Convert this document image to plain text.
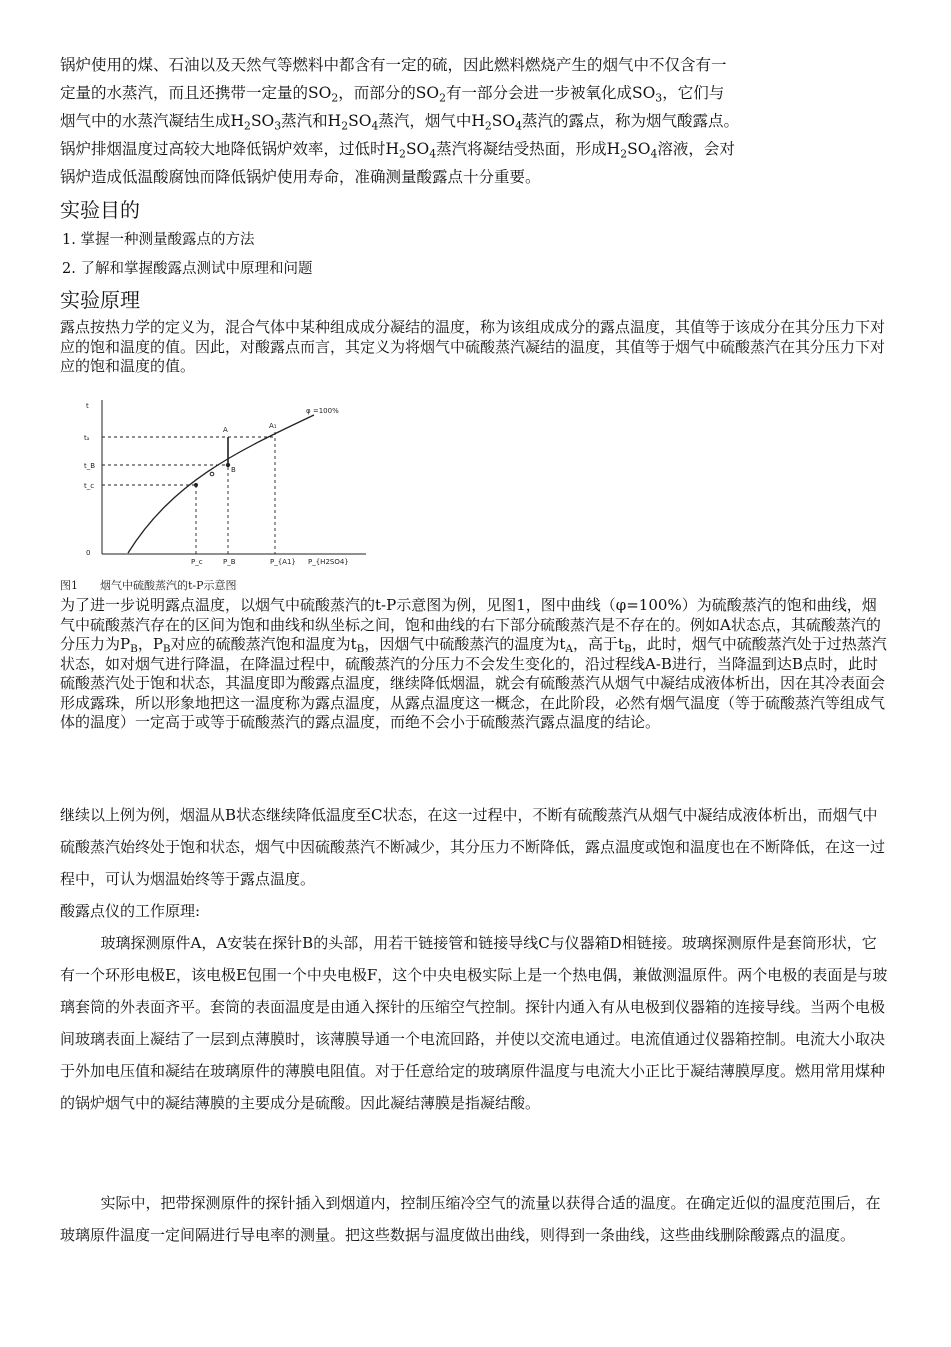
锅炉使用的煤、石油以及天然气等燃料中都含有一定的硫，因此燃料燃烧产生的烟气中不仅含有一
定量的水蒸汽，而且还携带一定量的$SO_2$，而部分的$SO_2$有一部分会进一步被氧化成$SO_3$，它们与
烟气中的水蒸汽凝结生成$H_2SO_3$蒸汽和$H_2SO_4$蒸汽，烟气中$H_2SO_4$蒸汽的露点，称为烟气酸露点。
锅炉排烟温度过高较大地降低锅炉效率，过低时$H_2SO_4$蒸汽将凝结受热面，形成$H_2SO_4$溶液，会对
锅炉造成低温酸腐蚀而降低锅炉使用寿命，准确测量酸露点十分重要。
实验目的
1. 掌握一种测量酸露点的方法
2. 了解和掌握酸露点测试中原理和问题
实验原理
露点按热力学的定义为，混合气体中某种组成成分凝结的温度，称为该组成成分的露点温度，其值等于该成分在其分压力下对应的饱和温度的值。因此，对酸露点而言，其定义为将烟气中硫酸蒸汽凝结的温度，其值等于烟气中硫酸蒸汽在其分压力下对应的饱和温度的值。
t
tₐ
t_B
t_c
0
A	A₁
B
φ =100%
P_c	P_B	P_{A1} P_{H2SO4}
图1 烟气中硫酸蒸汽的t-P示意图
为了进一步说明露点温度，以烟气中硫酸蒸汽的t-P示意图为例，见图1，图中曲线（φ=100%）为硫酸蒸汽的饱和曲线，烟气中硫酸蒸汽存在的区间为饱和曲线和纵坐标之间，饱和曲线的右下部分硫酸蒸汽是不存在的。例如A状态点，其硫酸蒸汽的分压力为$P_B$，$P_B$对应的硫酸蒸汽饱和温度为$t_B$，因烟气中硫酸蒸汽的温度为$t_A$，高于$t_B$，此时，烟气中硫酸蒸汽处于过热蒸汽状态，如对烟气进行降温，在降温过程中，硫酸蒸汽的分压力不会发生变化的，沿过程线A-B进行，当降温到达B点时，此时硫酸蒸汽处于饱和状态，其温度即为酸露点温度，继续降低烟温，就会有硫酸蒸汽从烟气中凝结成液体析出，因在其冷表面会形成露珠，所以形象地把这一温度称为露点温度，从露点温度这一概念，在此阶段，必然有烟气温度（等于硫酸蒸汽等组成气体的温度）一定高于或等于硫酸蒸汽的露点温度，而绝不会小于硫酸蒸汽露点温度的结论。
继续以上例为例，烟温从B状态继续降低温度至C状态，在这一过程中，不断有硫酸蒸汽从烟气中凝结成液体析出，而烟气中硫酸蒸汽始终处于饱和状态，烟气中因硫酸蒸汽不断减少，其分压力不断降低，露点温度或饱和温度也在不断降低，在这一过程中，可认为烟温始终等于露点温度。
酸露点仪的工作原理:
玻璃探测原件A，A安装在探针B的头部，用若干链接管和链接导线C与仪器箱D相链接。玻璃探测原件是套筒形状，它有一个环形电极E，该电极E包围一个中央电极F，这个中央电极实际上是一个热电偶，兼做测温原件。两个电极的表面是与玻璃套筒的外表面齐平。套筒的表面温度是由通入探针的压缩空气控制。探针内通入有从电极到仪器箱的连接导线。当两个电极间玻璃表面上凝结了一层到点薄膜时，该薄膜导通一个电流回路，并使以交流电通过。电流值通过仪器箱控制。电流大小取决于外加电压值和凝结在玻璃原件的薄膜电阻值。对于任意给定的玻璃原件温度与电流大小正比于凝结薄膜厚度。燃用常用煤种的锅炉烟气中的凝结薄膜的主要成分是硫酸。因此凝结薄膜是指凝结酸。
实际中，把带探测原件的探针插入到烟道内，控制压缩冷空气的流量以获得合适的温度。在确定近似的温度范围后，在玻璃原件温度一定间隔进行导电率的测量。把这些数据与温度做出曲线，则得到一条曲线，这些曲线删除酸露点的温度。
